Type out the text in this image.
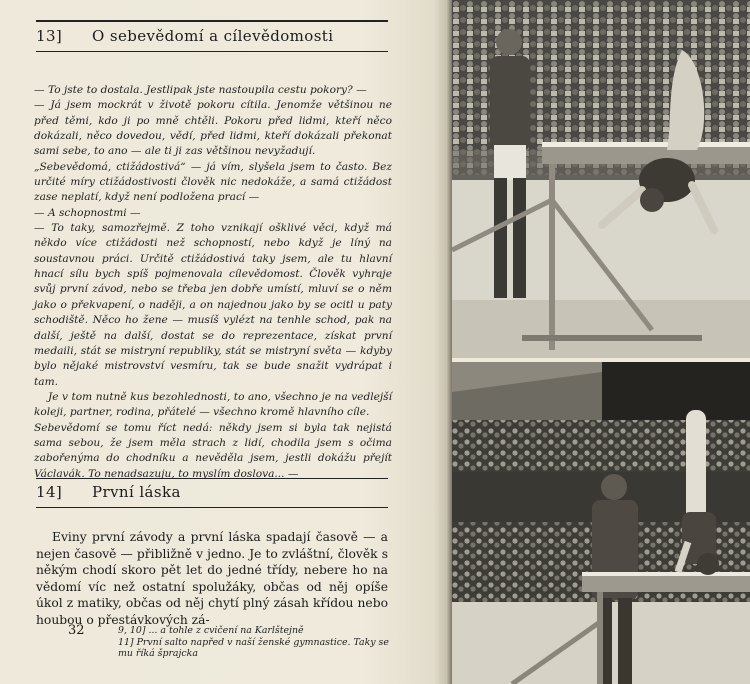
13] O sebevědomí a cílevědomosti

— To jste to dostala. Jestlipak jste nastoupila cestu pokory? —

— Já jsem mockrát v životě pokoru cítila. Jenomže většinou ne před těmi, kdo ji po mně chtěli. Pokoru před lidmi, kteří něco dokázali, něco dovedou, vědí, před lidmi, kteří dokázali překonat sami sebe, to ano — ale ti ji zas většinou nevyžadují.

„Sebevědomá, ctižádostivá“ — já vím, slyšela jsem to často. Bez určité míry ctižádostivosti člověk nic nedokáže, a samá ctižádost zase neplatí, když není podložena prací —

— A schopnostmi —

— To taky, samozřejmě. Z toho vznikají ošklivé věci, když má někdo více ctižádosti než schopností, nebo když je líný na soustavnou práci. Určitě ctižádostivá taky jsem, ale tu hlavní hnací sílu bych spíš pojmenovala cílevědomost. Člověk vyhraje svůj první závod, nebo se třeba jen dobře umístí, mluví se o něm jako o překvapení, o naději, a on najednou jako by se ocitl u paty schodiště. Něco ho žene — musíš vylézt na tenhle schod, pak na další, ještě na další, dostat se do reprezentace, získat první medaili, stát se mistryní republiky, stát se mistryní světa — kdyby bylo nějaké mistrovství vesmíru, tak se bude snažit vydrápat i tam.

Je v tom nutně kus bezohlednosti, to ano, všechno je na vedlejší koleji, partner, rodina, přátelé — všechno kromě hlavního cíle.

Sebevědomí se tomu říct nedá: někdy jsem si byla tak nejistá sama sebou, že jsem měla strach z lidí, chodila jsem s očima zabořenýma do chodníku a nevěděla jsem, jestli dokážu přejít Václavák. To nenadsazuju, to myslím doslova... —

14] První láska

Eviny první závody a první láska spadají časově — a nejen časově — přibližně v jedno. Je to zvláštní, člověk s někým chodí skoro pět let do jedné třídy, nebere ho na vědomí víc než ostatní spolužáky, občas od něj opíše úkol z matiky, občas od něj chytí plný zásah křídou nebo houbou o přestávkových zá-

32	9, 10] ... a tohle z cvičení na Karlštejně
11] První salto napřed v naší ženské gymnastice. Taky se mu říká šprajcka
